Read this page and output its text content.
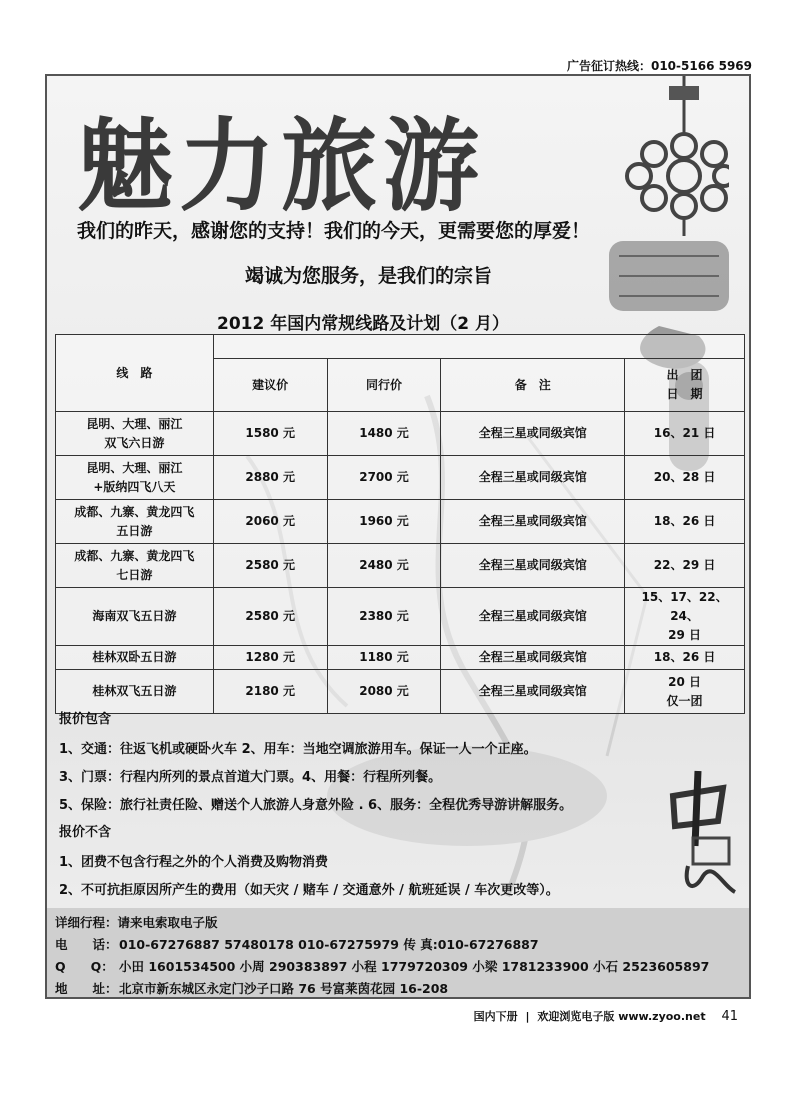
广告征订热线：010-5166 5969
魅力旅游
我们的昨天，感谢您的支持！我们的今天，更需要您的厚爱！
竭诚为您服务，是我们的宗旨
2012 年国内常规线路及计划（2 月）
线　路				
	建议价	同行价	备　注	出　团
日　期
昆明、大理、丽江
双飞六日游	1580 元	1480 元	全程三星或同级宾馆	16、21 日
昆明、大理、丽江
+版纳四飞八天	2880 元	2700 元	全程三星或同级宾馆	20、28 日
成都、九寨、黄龙四飞
五日游	2060 元	1960 元	全程三星或同级宾馆	18、26 日
成都、九寨、黄龙四飞
七日游	2580 元	2480 元	全程三星或同级宾馆	22、29 日
海南双飞五日游	2580 元	2380 元	全程三星或同级宾馆	15、17、22、24、
29 日
桂林双卧五日游	1280 元	1180 元	全程三星或同级宾馆	18、26 日
桂林双飞五日游	2180 元	2080 元	全程三星或同级宾馆	20 日
仅一团
报价包含
1、交通：往返飞机或硬卧火车 2、用车：当地空调旅游用车。保证一人一个正座。
3、门票：行程内所列的景点首道大门票。4、用餐：行程所列餐。
5、保险：旅行社责任险、赠送个人旅游人身意外险 . 6、服务：全程优秀导游讲解服务。
报价不含
1、团费不包含行程之外的个人消费及购物消费
2、不可抗拒原因所产生的费用（如天灾 / 赌车 / 交通意外 / 航班延误 / 车次更改等）。
详细行程：请来电索取电子版
电　　话：010-67276887 57480178 010-67275979 传 真:010-67276887
Q　　Q： 小田 1601534500 小周 290383897 小程 1779720309 小梁 1781233900 小石 2523605897
地　　址：北京市新东城区永定门沙子口路 76 号富莱茵花园 16-208
国内下册 | 欢迎浏览电子版 www.zyoo.net 41
